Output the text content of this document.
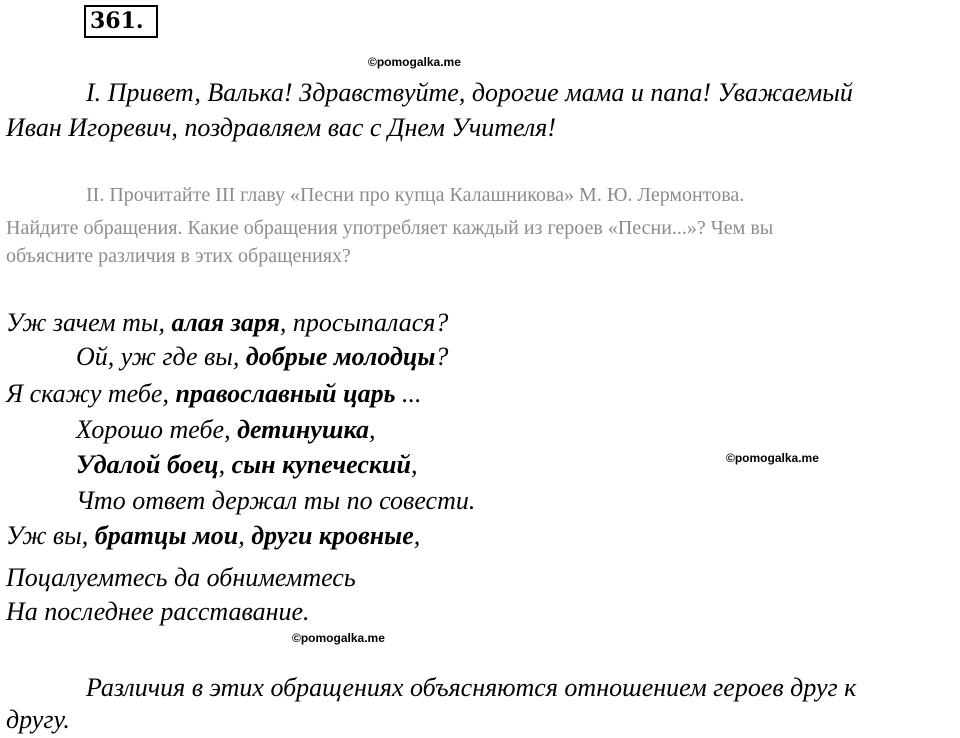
361.
©pomogalka.me
©pomogalka.me
©pomogalka.me
I. Привет, Валька! Здравствуйте, дорогие мама и папа! Уважаемый
Иван Игоревич, поздравляем вас с Днем Учителя!
II. Прочитайте III главу «Песни про купца Калашникова» М. Ю. Лермонтова.
Найдите обращения. Какие обращения употребляет каждый из героев «Песни...»? Чем вы
объясните различия в этих обращениях?
Уж зачем ты, алая заря, просыпалася?
Ой, уж где вы, добрые молодцы?
Я скажу тебе, православный царь ...
Хорошо тебе, детинушка,
Удалой боец, сын купеческий,
Что ответ держал ты по совести.
Уж вы, братцы мои, други кровные,
Поцалуемтесь да обнимемтесь
На последнее расставание.
Различия в этих обращениях объясняются отношением героев друг к
другу.
